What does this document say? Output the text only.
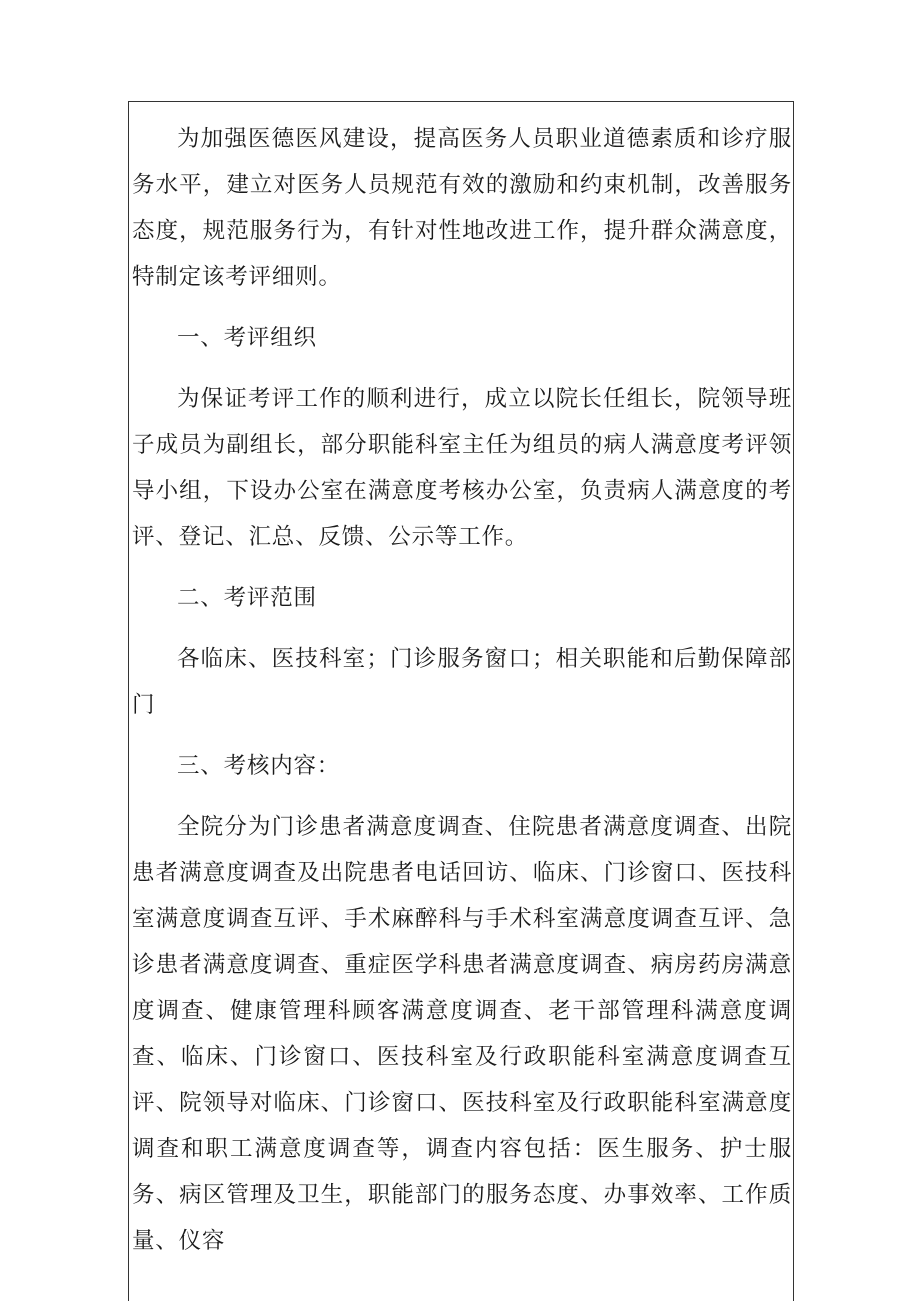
为加强医德医风建设，提高医务人员职业道德素质和诊疗服务水平，建立对医务人员规范有效的激励和约束机制，改善服务态度，规范服务行为，有针对性地改进工作，提升群众满意度，特制定该考评细则。

一、考评组织

为保证考评工作的顺利进行，成立以院长任组长，院领导班子成员为副组长，部分职能科室主任为组员的病人满意度考评领导小组，下设办公室在满意度考核办公室，负责病人满意度的考评、登记、汇总、反馈、公示等工作。

二、考评范围

各临床、医技科室；门诊服务窗口；相关职能和后勤保障部门

三、考核内容：

全院分为门诊患者满意度调查、住院患者满意度调查、出院患者满意度调查及出院患者电话回访、临床、门诊窗口、医技科室满意度调查互评、手术麻醉科与手术科室满意度调查互评、急诊患者满意度调查、重症医学科患者满意度调查、病房药房满意度调查、健康管理科顾客满意度调查、老干部管理科满意度调查、临床、门诊窗口、医技科室及行政职能科室满意度调查互评、院领导对临床、门诊窗口、医技科室及行政职能科室满意度调查和职工满意度调查等，调查内容包括：医生服务、护士服务、病区管理及卫生，职能部门的服务态度、办事效率、工作质量、仪容
